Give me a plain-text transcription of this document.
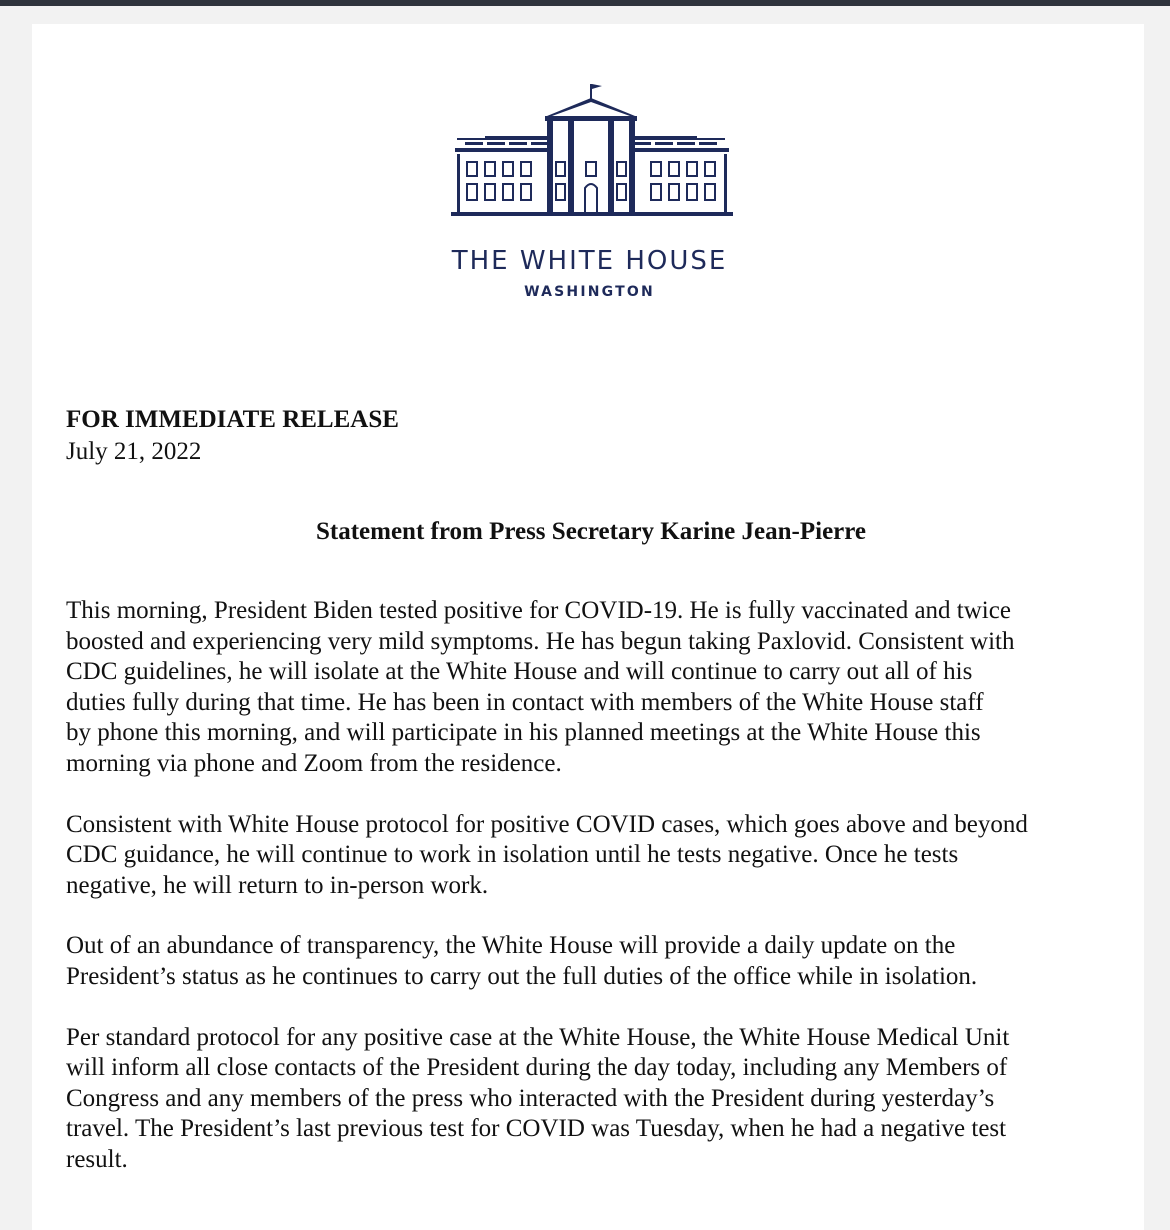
THE WHITE HOUSE
WASHINGTON
FOR IMMEDIATE RELEASE
July 21, 2022
Statement from Press Secretary Karine Jean-Pierre

This morning, President Biden tested positive for COVID-19. He is fully vaccinated and twice
boosted and experiencing very mild symptoms. He has begun taking Paxlovid. Consistent with
CDC guidelines, he will isolate at the White House and will continue to carry out all of his
duties fully during that time. He has been in contact with members of the White House staff
by phone this morning, and will participate in his planned meetings at the White House this
morning via phone and Zoom from the residence.

Consistent with White House protocol for positive COVID cases, which goes above and beyond
CDC guidance, he will continue to work in isolation until he tests negative. Once he tests
negative, he will return to in-person work.

Out of an abundance of transparency, the White House will provide a daily update on the
President’s status as he continues to carry out the full duties of the office while in isolation.

Per standard protocol for any positive case at the White House, the White House Medical Unit
will inform all close contacts of the President during the day today, including any Members of
Congress and any members of the press who interacted with the President during yesterday’s
travel. The President’s last previous test for COVID was Tuesday, when he had a negative test
result.
